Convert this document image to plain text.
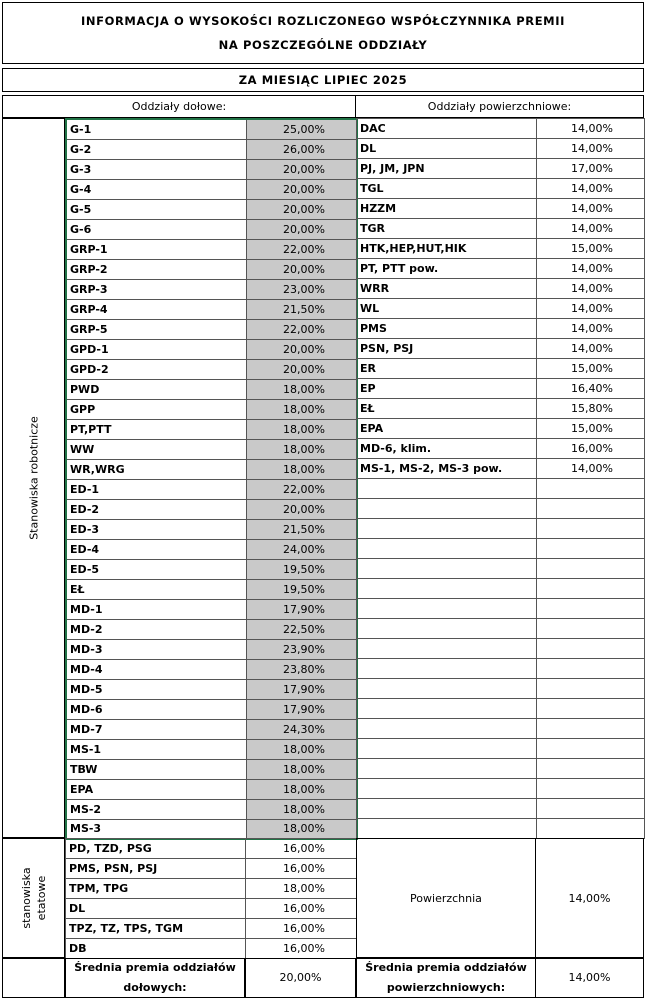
INFORMACJA O WYSOKOŚCI ROZLICZONEGO WSPÓŁCZYNNIKA PREMII
NA POSZCZEGÓLNE ODDZIAŁY
ZA MIESIĄC LIPIEC 2025
Oddziały dołowe:	Oddziały powierzchniowe:
Stanowiska robotnicze
G-1	25,00%
G-2	26,00%
G-3	20,00%
G-4	20,00%
G-5	20,00%
G-6	20,00%
GRP-1	22,00%
GRP-2	20,00%
GRP-3	23,00%
GRP-4	21,50%
GRP-5	22,00%
GPD-1	20,00%
GPD-2	20,00%
PWD	18,00%
GPP	18,00%
PT,PTT	18,00%
WW	18,00%
WR,WRG	18,00%
ED-1	22,00%
ED-2	20,00%
ED-3	21,50%
ED-4	24,00%
ED-5	19,50%
EŁ	19,50%
MD-1	17,90%
MD-2	22,50%
MD-3	23,90%
MD-4	23,80%
MD-5	17,90%
MD-6	17,90%
MD-7	24,30%
MS-1	18,00%
TBW	18,00%
EPA	18,00%
MS-2	18,00%
MS-3	18,00%
DAC	14,00%
DL	14,00%
PJ, JM, JPN	17,00%
TGL	14,00%
HZZM	14,00%
TGR	14,00%
HTK,HEP,HUT,HIK	15,00%
PT, PTT pow.	14,00%
WRR	14,00%
WL	14,00%
PMS	14,00%
PSN, PSJ	14,00%
ER	15,00%
EP	16,40%
EŁ	15,80%
EPA	15,00%
MD-6, klim.	16,00%
MS-1, MS-2, MS-3 pow.	14,00%

stanowiska etatowe
PD, TZD, PSG	16,00%
PMS, PSN, PSJ	16,00%
TPM, TPG	18,00%
DL	16,00%
TPZ, TZ, TPS, TGM	16,00%
DB	16,00%
Powierzchnia	14,00%
Średnia premia oddziałów
dołowych:
20,00%
Średnia premia oddziałów
powierzchniowych:
14,00%
